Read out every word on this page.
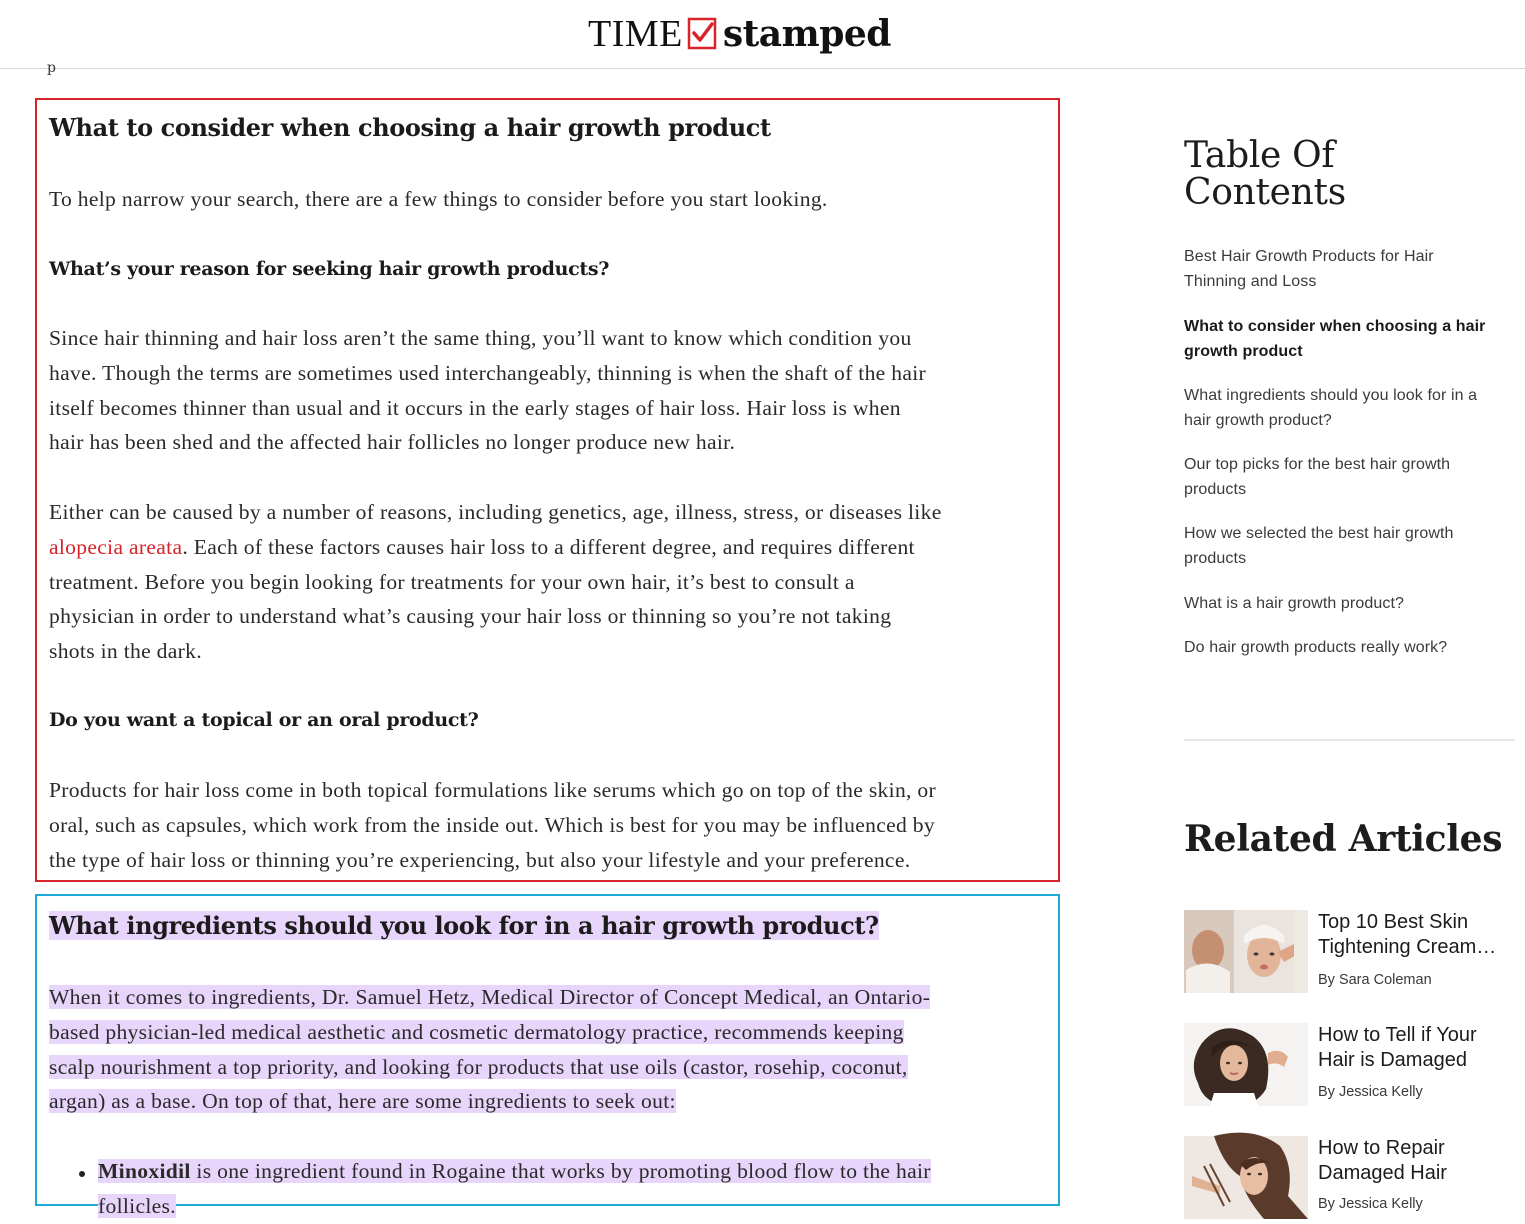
TIME stamped
p
What to consider when choosing a hair growth product

To help narrow your search, there are a few things to consider before you start looking.

What’s your reason for seeking hair growth products?

Since hair thinning and hair loss aren’t the same thing, you’ll want to know which condition you
have. Though the terms are sometimes used interchangeably, thinning is when the shaft of the hair
itself becomes thinner than usual and it occurs in the early stages of hair loss. Hair loss is when
hair has been shed and the affected hair follicles no longer produce new hair.

Either can be caused by a number of reasons, including genetics, age, illness, stress, or diseases like
alopecia areata. Each of these factors causes hair loss to a different degree, and requires different
treatment. Before you begin looking for treatments for your own hair, it’s best to consult a
physician in order to understand what’s causing your hair loss or thinning so you’re not taking
shots in the dark.

Do you want a topical or an oral product?

Products for hair loss come in both topical formulations like serums which go on top of the skin, or
oral, such as capsules, which work from the inside out. Which is best for you may be influenced by
the type of hair loss or thinning you’re experiencing, but also your lifestyle and your preference.

What ingredients should you look for in a hair growth product?

When it comes to ingredients, Dr. Samuel Hetz, Medical Director of Concept Medical, an Ontario-
based physician-led medical aesthetic and cosmetic dermatology practice, recommends keeping
scalp nourishment a top priority, and looking for products that use oils (castor, rosehip, coconut,
argan) as a base. On top of that, here are some ingredients to seek out:

Minoxidil is one ingredient found in Rogaine that works by promoting blood flow to the hair
follicles.
Table Of
Contents
Best Hair Growth Products for Hair
Thinning and Loss
What to consider when choosing a hair
growth product
What ingredients should you look for in a
hair growth product?
Our top picks for the best hair growth
products
How we selected the best hair growth
products
What is a hair growth product?
Do hair growth products really work?
Related Articles
Top 10 Best Skin
Tightening Cream…
By Sara Coleman
How to Tell if Your
Hair is Damaged
By Jessica Kelly
How to Repair
Damaged Hair
By Jessica Kelly
